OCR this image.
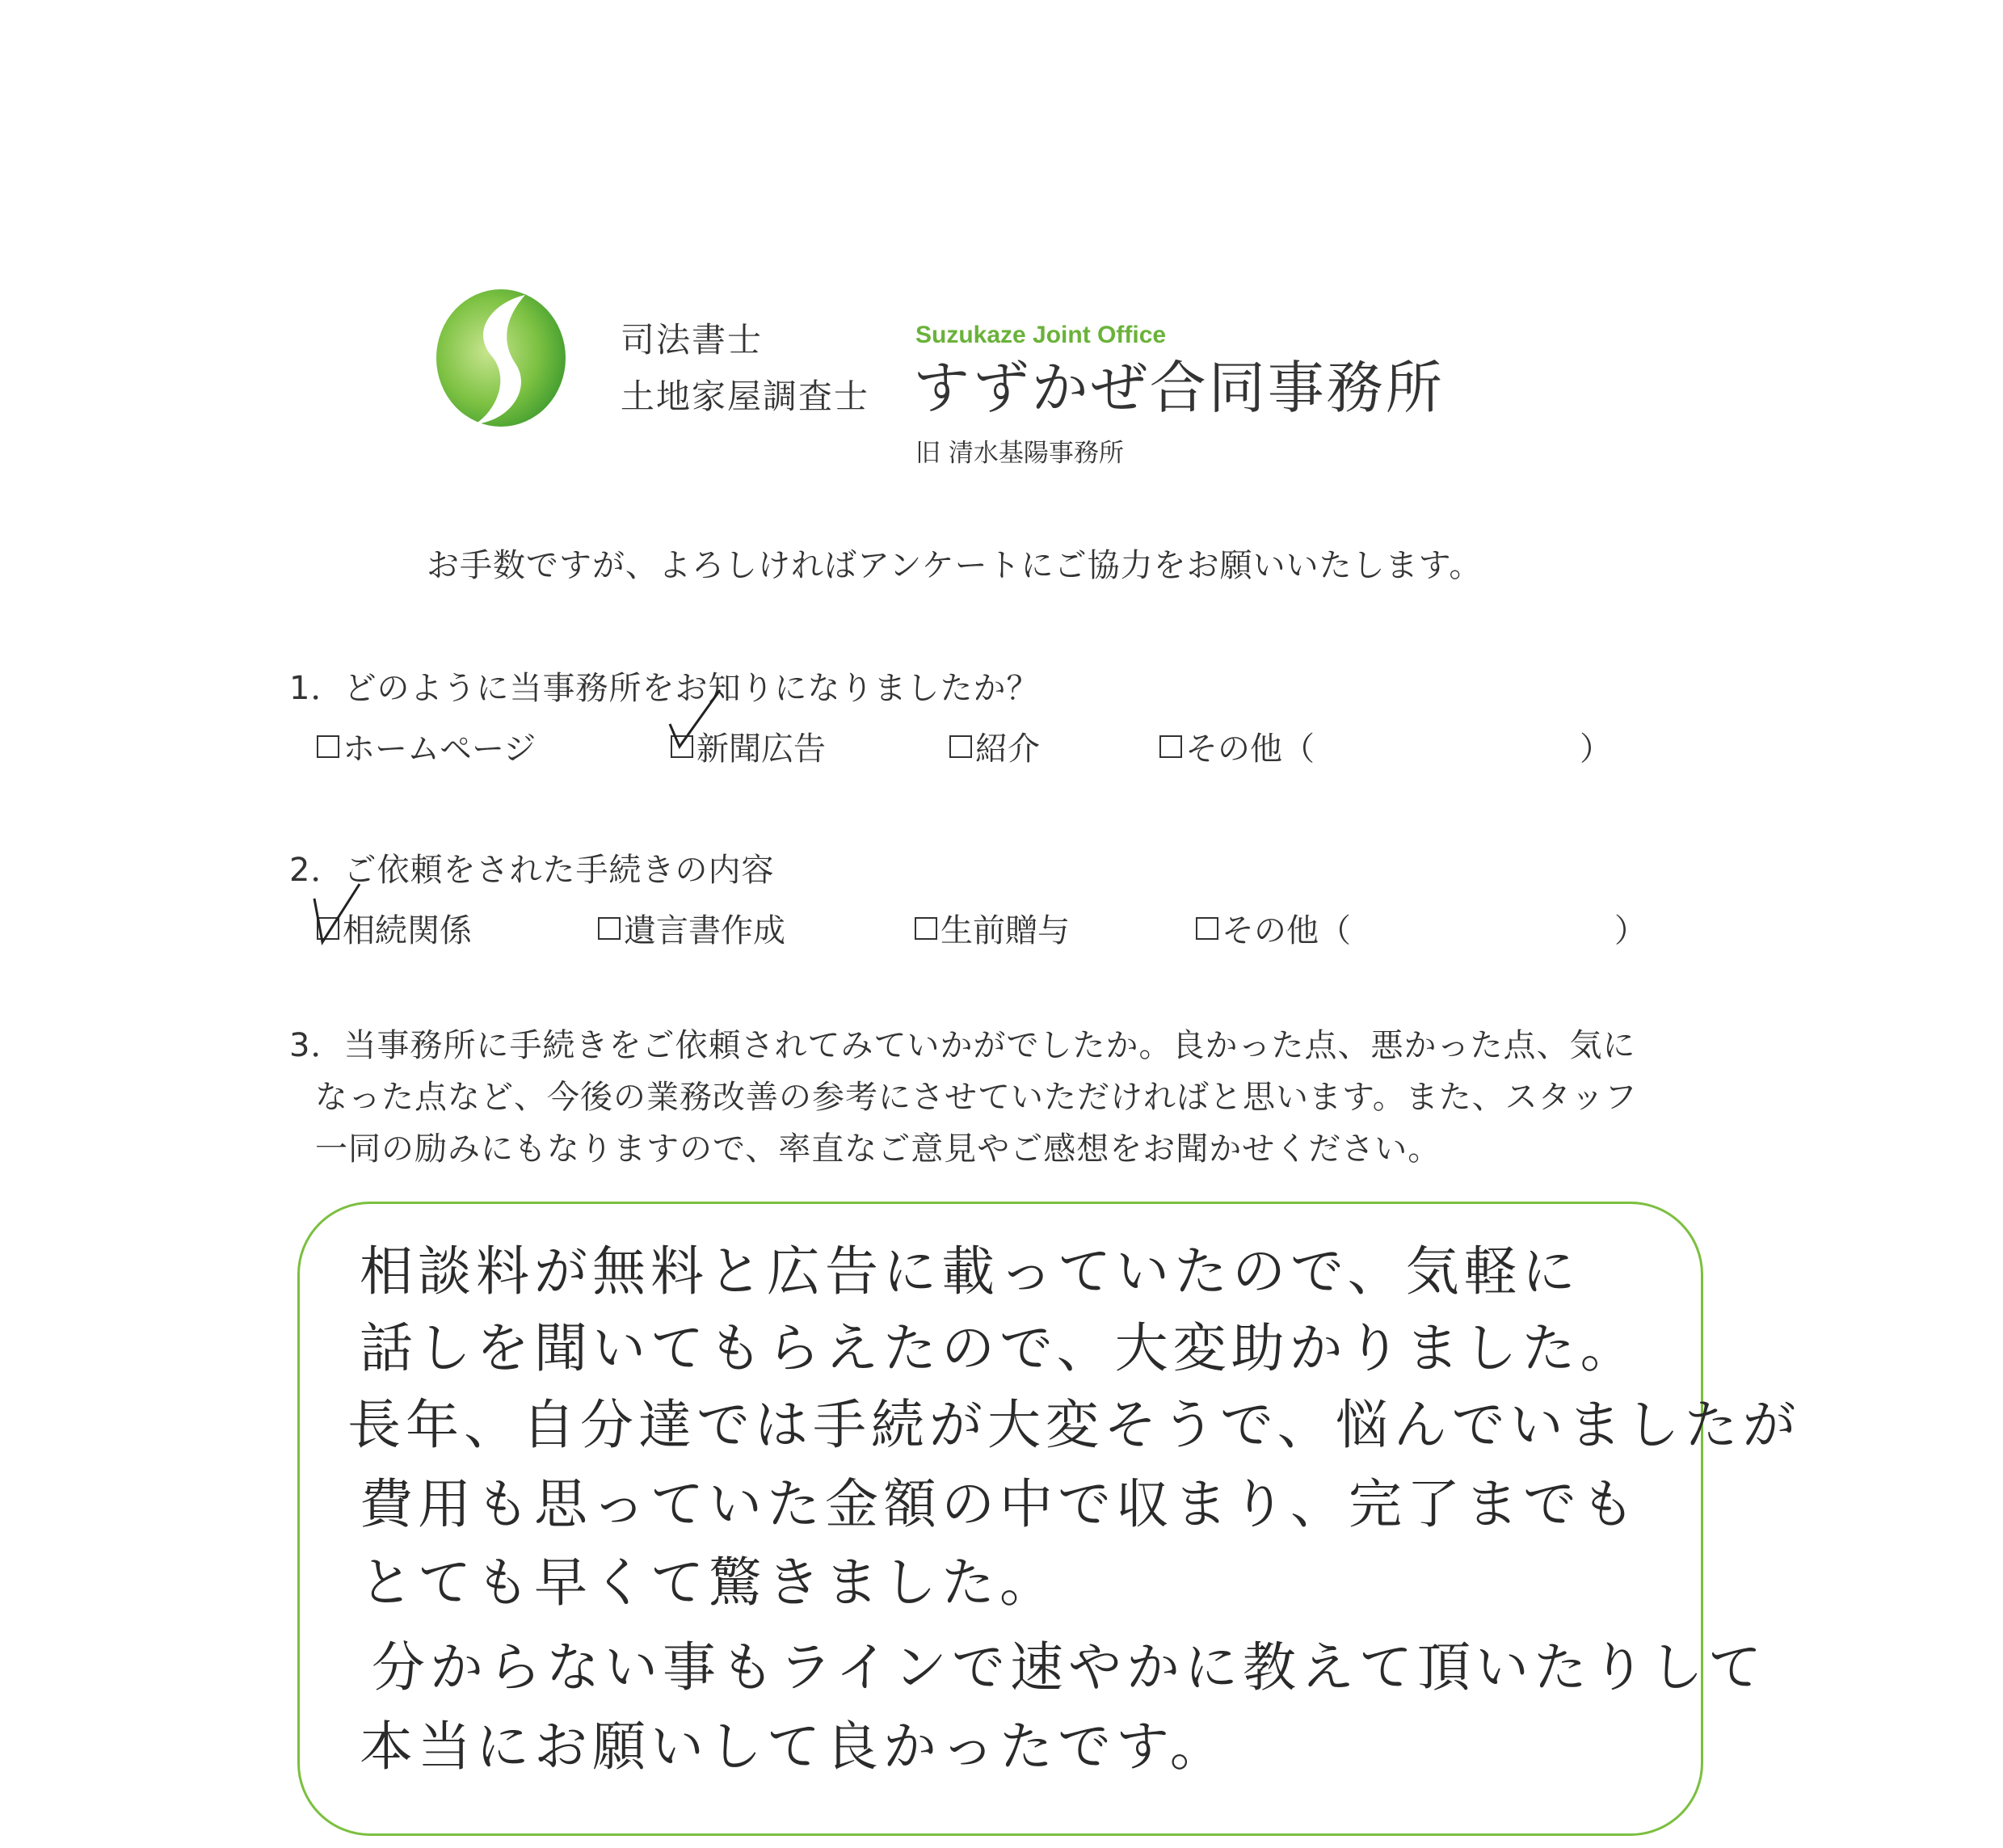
司法書士
土地家屋調査士
Suzukaze Joint Office
すずかぜ合同事務所
旧 清水基陽事務所
お手数ですが、よろしければアンケートにご協力をお願いいたします。
1．どのように当事務所をお知りになりましたか？
ホームページ	新聞広告	紹介	その他（	）
2．ご依頼をされた手続きの内容
相続関係	遺言書作成	生前贈与	その他（	）
3．当事務所に手続きをご依頼されてみていかがでしたか。良かった点、悪かった点、気に
なった点など、今後の業務改善の参考にさせていただければと思います。また、スタッフ
一同の励みにもなりますので、率直なご意見やご感想をお聞かせください。
相談料が無料と広告に載っていたので、気軽に
話しを聞いてもらえたので、大変助かりました。
長年、自分達では手続が大変そうで、悩んでいましたが
費用も思っていた金額の中で収まり、完了までも
とても早くて驚きました。
分からない事もラインで速やかに教えて頂いたりして
本当にお願いして良かったです。
